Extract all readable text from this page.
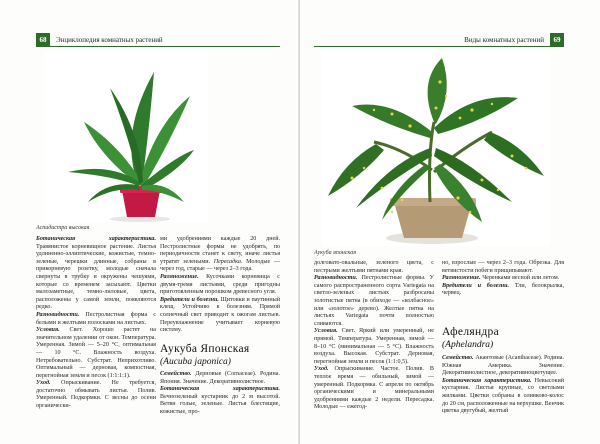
68	Энциклопедия комнатных растений
Аспидистра высокая

Ботаническая характеристика. Травянистое корневищное растение. Листья удлиненно-эллиптические, кожистые, темно-зеленые, черешки длинные, собраны в прикорневую розетку, молодые сначала свернуты в трубку и окружены чешуями, которые со временем засыхают. Цветки малозаметные, темно-лиловые, цвета, расположены у самой земли, появляются редко.

Разновидности. Пестролистная форма с белыми и желтыми полосками на листьях.

Условия. Свет. Хорошо растет на значительном удалении от окон. Температура. Умеренная. Зимой — 5–20 °С, оптимальная — 10 °С. Влажность воздуха. Нетребовательно. Субстрат. Неприхотливо. Оптимальный — дерновая, компостная, перегнойная земля и песок (1:1:1:1).

Уход. Опрыскивание. Не требуется, достаточно обмывать листья. Полив. Умеренный. Подкормки. С весны до осени органически-

ми удобрениями каждые 20 дней. Пестролистные формы не удобрять, по периодичности станет к свету, иначе листья утратят зелеными. Пересадка. Молодые — через год, старые — через 2–3 года.

Размножение. Кусочками корневища с двумя-тремя листьями, среди пригодны приготовленным порошком древесного угля.

Вредители и болезни. Щитовки и паутинный клещ. Устойчиво к болезням. Прямой солнечный свет приводит к ожогам листьев. Переувлажнение учитывает корневую систему.

Аукуба Японская
(Aucuba japonica)

Семейство. Дерновые (Cornaceae). Родина. Япония. Значение. Декоративнолистное.

Ботаническая характеристика. Вечнозеленый кустарник до 2 м высотой. Ветви голые, зеленые. Листья блестящие, кожистые, про-

Виды комнатных растений	69
Аукуба японская

долговато-овальные, зеленого цвета, с пестрыми желтыми пятнами края.

Разновидности. Пестролистные формы. У самого распространенного сорта Variegata на светло-зеленых листьях разбросаны золотистые пятна (в обиходе — «колбасное» или «золотое» дерево). Желтые пятна на листьях Variegata почти полностью сливаются.

Условия. Свет. Яркий или умеренный, не прямой. Температура. Умеренная, зимой — 8–10 °С (минимальная — 5 °С). Влажность воздуха. Высокая. Субстрат. Дерновая, перегнойная земли и песок (1:1:0,5).

Уход. Опрыскивание. Частое. Полив. В теплое время — обильный, зимой — умеренный. Подкормка. С апреля по октябрь органическими и минеральными удобрениями каждые 2 недели. Пересадка. Молодые — ежегод-

но, взрослые — через 2–3 года. Обрезка. Для ветвистости побеги прищипывают.

Размножение. Черенками весной или летом.

Вредители и болезни. Тли, белокрылка, червец.

Афеляндра
(Aphelandra)

Семейство. Акантовые (Acanthaceae). Родина. Южная Америка. Значение. Декоративнолистное, декоративноцветущее.

Ботаническая характеристика. Невысокий кустарник. Листья крупные, со светлыми жилками. Цветки собраны в оливково-колос до 20 см, расположенные на верхушке. Венчик цветка двугубый, желтый
